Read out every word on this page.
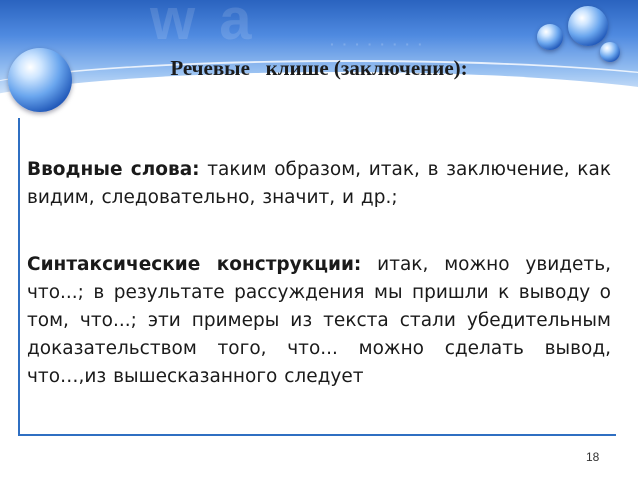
w a	· · · · · · · ·
Речевые   клише (заключение):
Вводные слова: таким образом, итак, в заключение, как видим, следовательно, значит, и др.;
Синтаксические конструкции: итак, можно увидеть, что...; в результате рассуждения мы пришли к выводу о том, что...; эти примеры из текста стали убедительным доказательством того, что... можно сделать вывод, что…,из вышесказанного следует
18
